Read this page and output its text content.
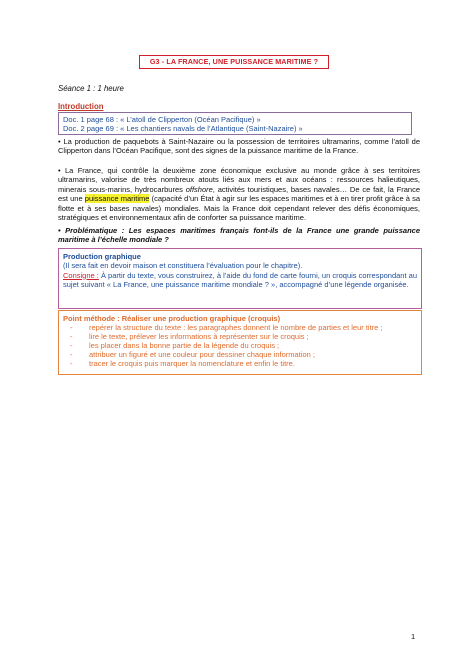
G3 - LA FRANCE, UNE PUISSANCE MARITIME ?
Séance 1 : 1 heure
Introduction
Doc. 1 page 68 : « L’atoll de Clipperton (Océan Pacifique) »
Doc. 2 page 69 : « Les chantiers navals de l’Atlantique (Saint-Nazaire) »

• La production de paquebots à Saint-Nazaire ou la possession de territoires ultramarins, comme l’atoll de Clipperton dans l’Océan Pacifique, sont des signes de la puissance maritime de la France.

• La France, qui contrôle la deuxième zone économique exclusive au monde grâce à ses territoires ultramarins, valorise de très nombreux atouts liés aux mers et aux océans : ressources halieutiques, minerais sous-marins, hydrocarbures offshore, activités touristiques, bases navales… De ce fait, la France est une puissance maritime (capacité d’un État à agir sur les espaces maritimes et à en tirer profit grâce à sa flotte et à ses bases navales) mondiales. Mais la France doit cependant relever des défis économiques, stratégiques et environnementaux afin de conforter sa puissance maritime.

• Problématique : Les espaces maritimes français font-ils de la France une grande puissance maritime à l’échelle mondiale ?

Production graphique
(Il sera fait en devoir maison et constituera l’évaluation pour le chapitre).
Consigne : À partir du texte, vous construirez, à l’aide du fond de carte fourni, un croquis correspondant au sujet suivant « La France, une puissance maritime mondiale ? », accompagné d’une légende organisée.
Point méthode : Réaliser une production graphique (croquis)
- repérer la structure du texte : les paragraphes donnent le nombre de parties et leur titre ;
- lire le texte, prélever les informations à représenter sur le croquis ;
- les placer dans la bonne partie de la légende du croquis ;
- attribuer un figuré et une couleur pour dessiner chaque information ;
- tracer le croquis puis marquer la nomenclature et enfin le titre.
1
